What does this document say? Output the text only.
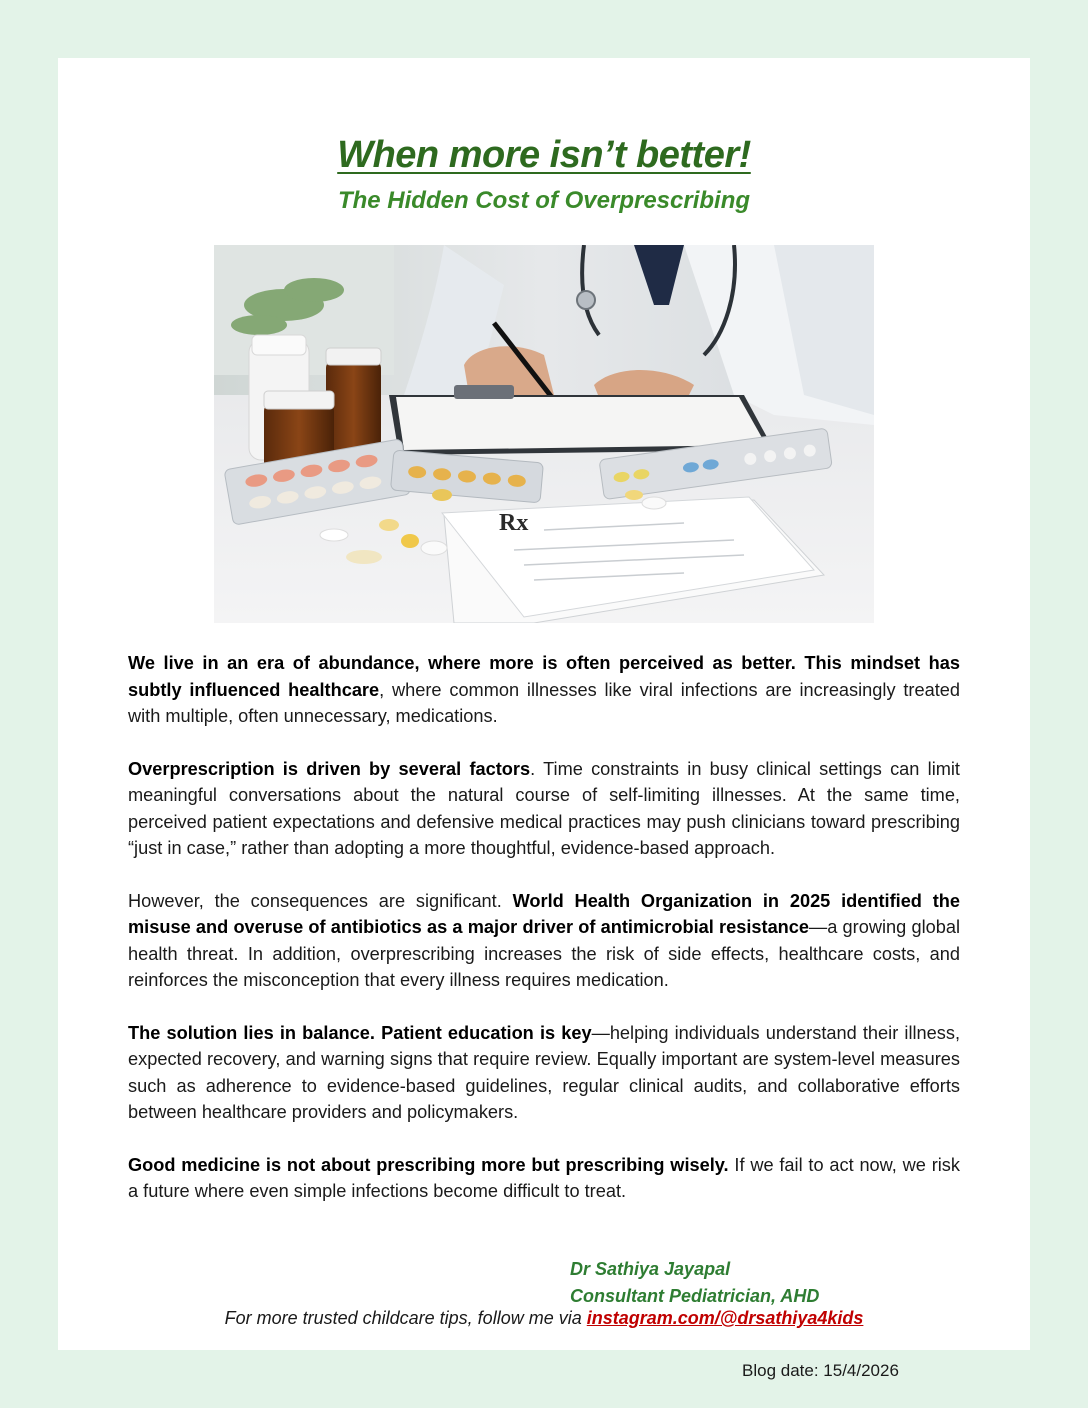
When more isn’t better!
The Hidden Cost of Overprescribing
Rx

We live in an era of abundance, where more is often perceived as better. This mindset has subtly influenced healthcare, where common illnesses like viral infections are increasingly treated with multiple, often unnecessary, medications.

Overprescription is driven by several factors. Time constraints in busy clinical settings can limit meaningful conversations about the natural course of self-limiting illnesses. At the same time, perceived patient expectations and defensive medical practices may push clinicians toward prescribing “just in case,” rather than adopting a more thoughtful, evidence-based approach.

However, the consequences are significant. World Health Organization in 2025 identified the misuse and overuse of antibiotics as a major driver of antimicrobial resistance—a growing global health threat. In addition, overprescribing increases the risk of side effects, healthcare costs, and reinforces the misconception that every illness requires medication.

The solution lies in balance. Patient education is key—helping individuals understand their illness, expected recovery, and warning signs that require review. Equally important are system-level measures such as adherence to evidence-based guidelines, regular clinical audits, and collaborative efforts between healthcare providers and policymakers.

Good medicine is not about prescribing more but prescribing wisely. If we fail to act now, we risk a future where even simple infections become difficult to treat.

Dr Sathiya Jayapal
Consultant Pediatrician, AHD
For more trusted childcare tips, follow me via instagram.com/@drsathiya4kids
Blog date: 15/4/2026
